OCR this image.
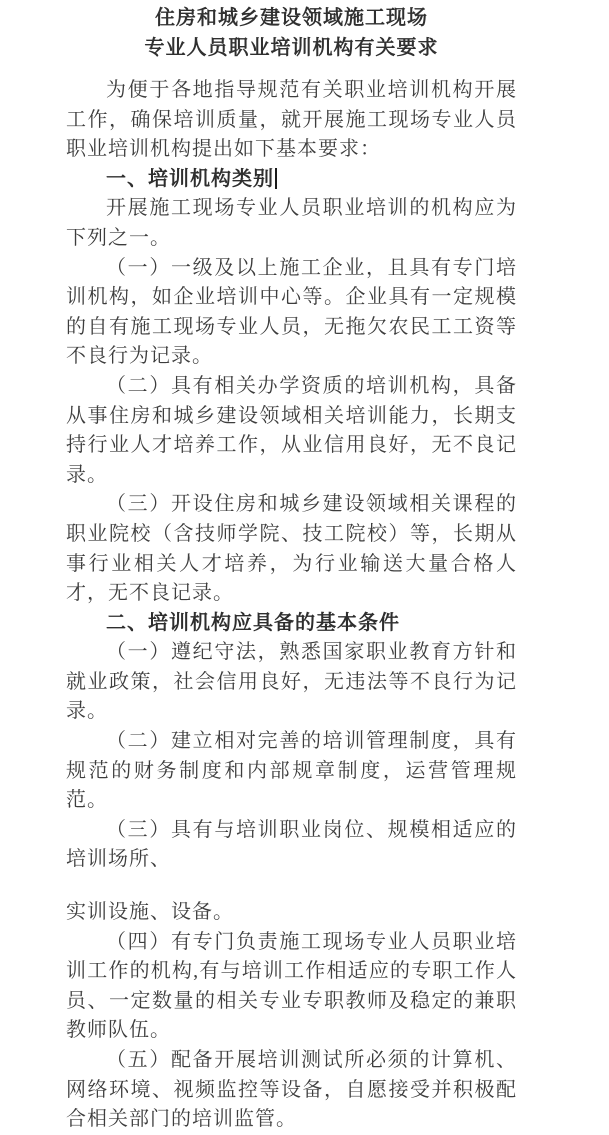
住房和城乡建设领域施工现场
专业人员职业培训机构有关要求

为便于各地指导规范有关职业培训机构开展工作，确保培训质量，就开展施工现场专业人员职业培训机构提出如下基本要求：

一、培训机构类别

开展施工现场专业人员职业培训的机构应为下列之一。

（一）一级及以上施工企业，且具有专门培训机构，如企业培训中心等。企业具有一定规模的自有施工现场专业人员，无拖欠农民工工资等不良行为记录。

（二）具有相关办学资质的培训机构，具备从事住房和城乡建设领域相关培训能力，长期支持行业人才培养工作，从业信用良好，无不良记录。

（三）开设住房和城乡建设领域相关课程的职业院校（含技师学院、技工院校）等，长期从事行业相关人才培养，为行业输送大量合格人才，无不良记录。

二、培训机构应具备的基本条件

（一）遵纪守法，熟悉国家职业教育方针和就业政策，社会信用良好，无违法等不良行为记录。

（二）建立相对完善的培训管理制度，具有规范的财务制度和内部规章制度，运营管理规范。

（三）具有与培训职业岗位、规模相适应的培训场所、

实训设施、设备。

（四）有专门负责施工现场专业人员职业培训工作的机构,有与培训工作相适应的专职工作人员、一定数量的相关专业专职教师及稳定的兼职教师队伍。

（五）配备开展培训测试所必须的计算机、网络环境、视频监控等设备，自愿接受并积极配合相关部门的培训监管。
